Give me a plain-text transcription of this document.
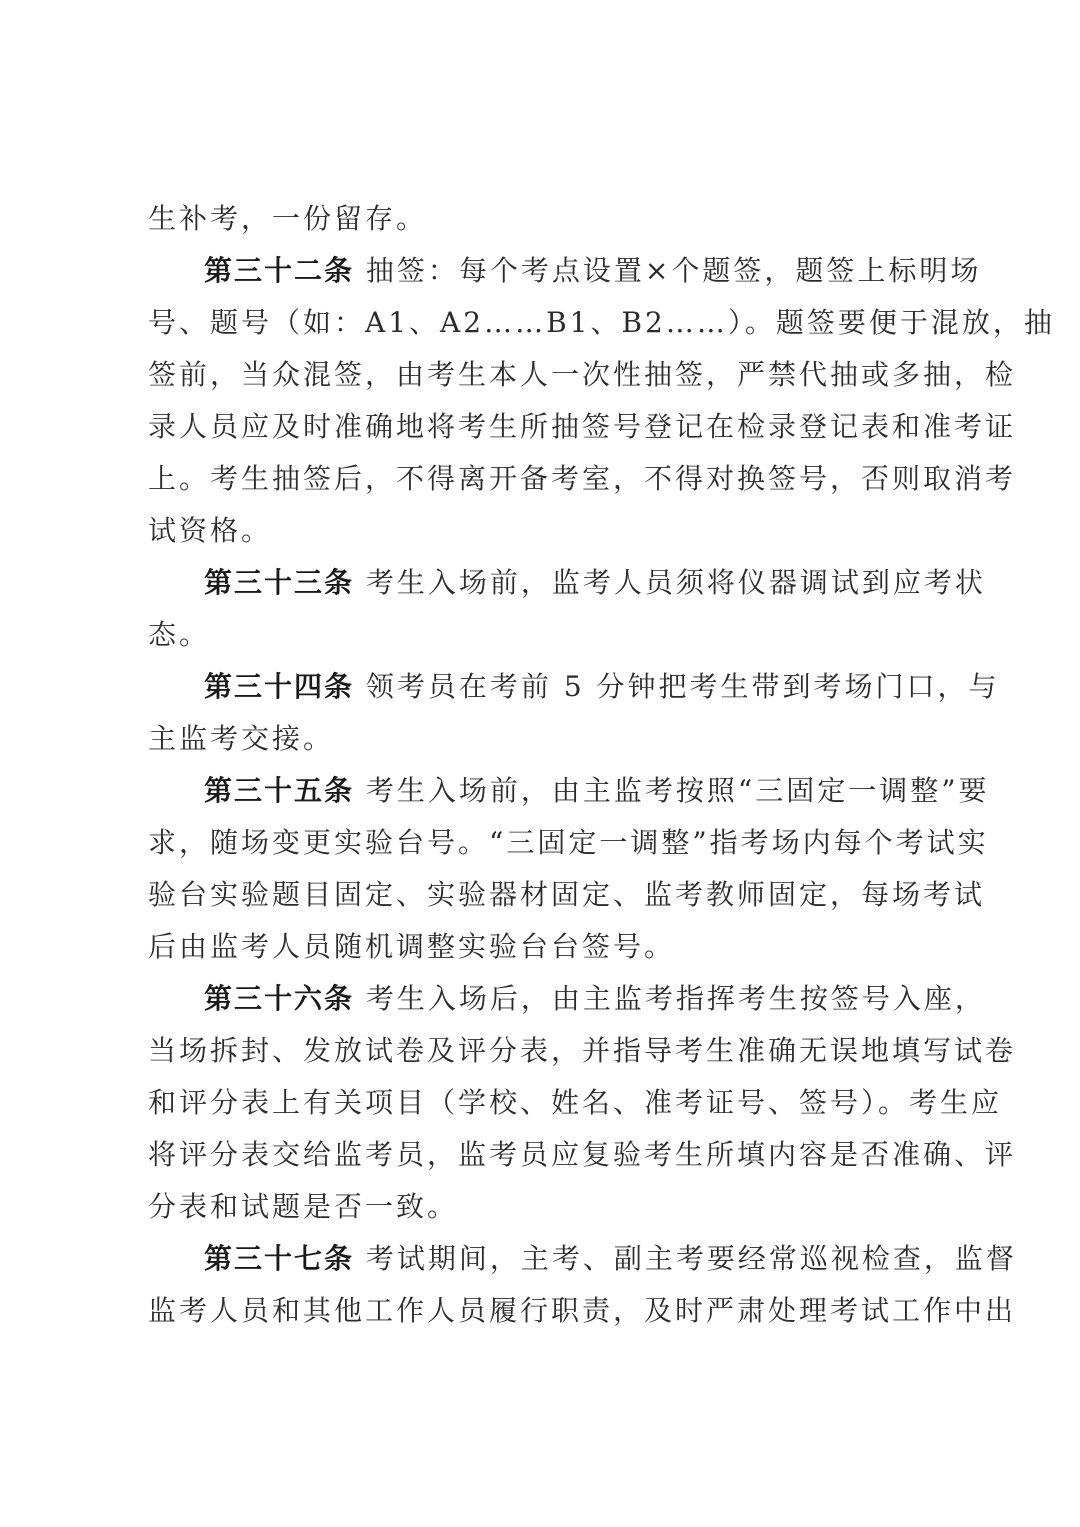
生补考，一份留存。
第三十二条 抽签：每个考点设置×个题签，题签上标明场
号、题号（如：A1、A2……B1、B2……）。题签要便于混放，抽
签前，当众混签，由考生本人一次性抽签，严禁代抽或多抽，检
录人员应及时准确地将考生所抽签号登记在检录登记表和准考证
上。考生抽签后，不得离开备考室，不得对换签号，否则取消考
试资格。
第三十三条 考生入场前，监考人员须将仪器调试到应考状
态。
第三十四条 领考员在考前 5 分钟把考生带到考场门口，与
主监考交接。
第三十五条 考生入场前，由主监考按照“三固定一调整”要
求，随场变更实验台号。“三固定一调整”指考场内每个考试实
验台实验题目固定、实验器材固定、监考教师固定，每场考试
后由监考人员随机调整实验台台签号。
第三十六条 考生入场后，由主监考指挥考生按签号入座，
当场拆封、发放试卷及评分表，并指导考生准确无误地填写试卷
和评分表上有关项目（学校、姓名、准考证号、签号）。考生应
将评分表交给监考员，监考员应复验考生所填内容是否准确、评
分表和试题是否一致。
第三十七条 考试期间，主考、副主考要经常巡视检查，监督
监考人员和其他工作人员履行职责，及时严肃处理考试工作中出
